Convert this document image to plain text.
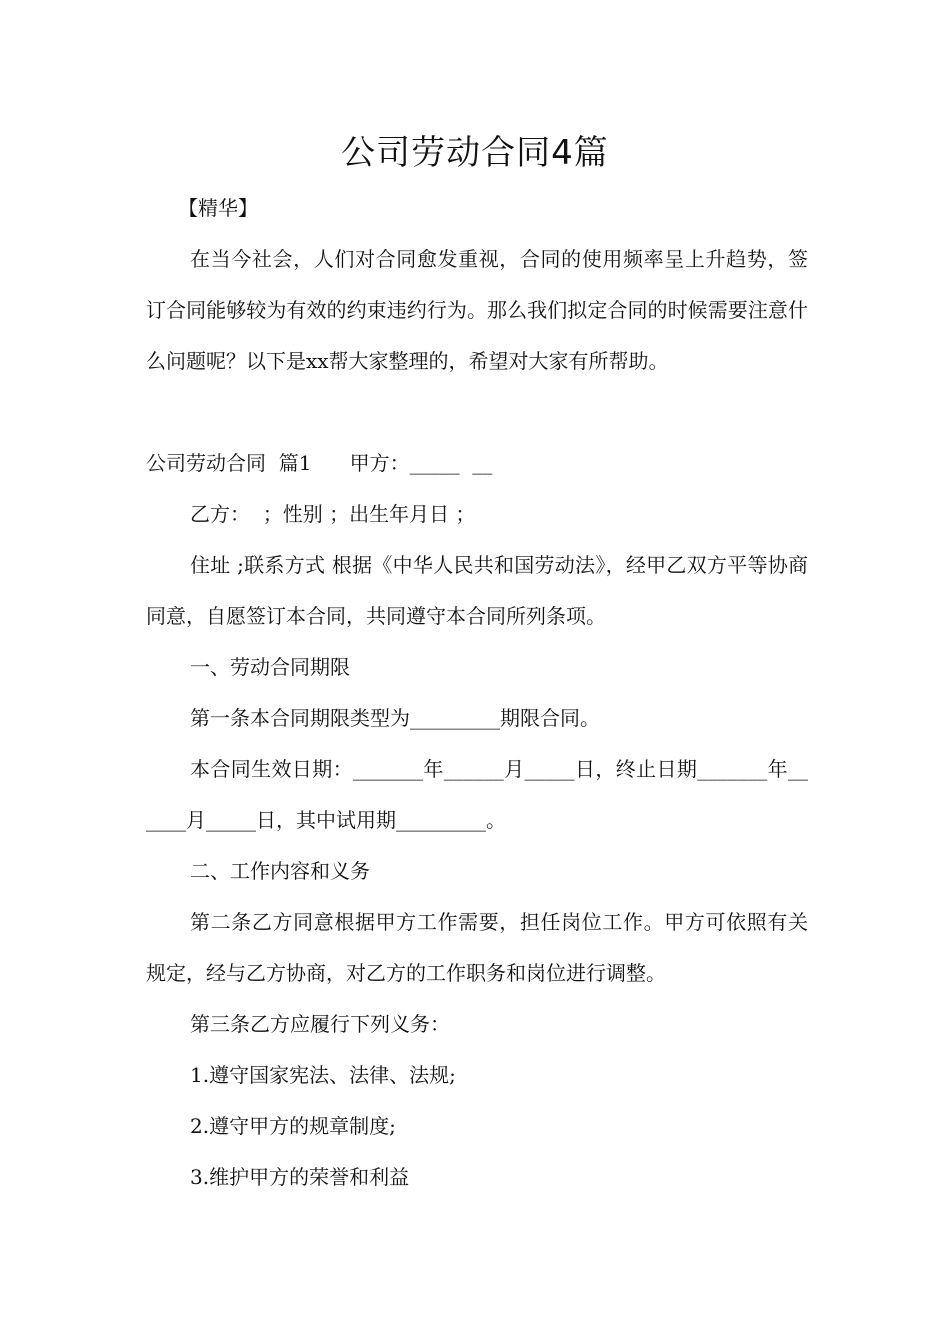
公司劳动合同4篇

【精华】

在当今社会，人们对合同愈发重视，合同的使用频率呈上升趋势，签订合同能够较为有效的约束违约行为。那么我们拟定合同的时候需要注意什么问题呢？以下是xx帮大家整理的，希望对大家有所帮助。

公司劳动合同  篇1      甲方：_____  __

乙方：  ；性别 ；出生年月日 ；

住址 ;联系方式 根据《中华人民共和国劳动法》，经甲乙双方平等协商同意，自愿签订本合同，共同遵守本合同所列条项。

一、劳动合同期限

第一条本合同期限类型为_________期限合同。

本合同生效日期：_______年______月_____日，终止日期_______年______月_____日，其中试用期_________。

二、工作内容和义务

第二条乙方同意根据甲方工作需要，担任岗位工作。甲方可依照有关规定，经与乙方协商，对乙方的工作职务和岗位进行调整。

第三条乙方应履行下列义务：

1.遵守国家宪法、法律、法规;

2.遵守甲方的规章制度;

3.维护甲方的荣誉和利益
